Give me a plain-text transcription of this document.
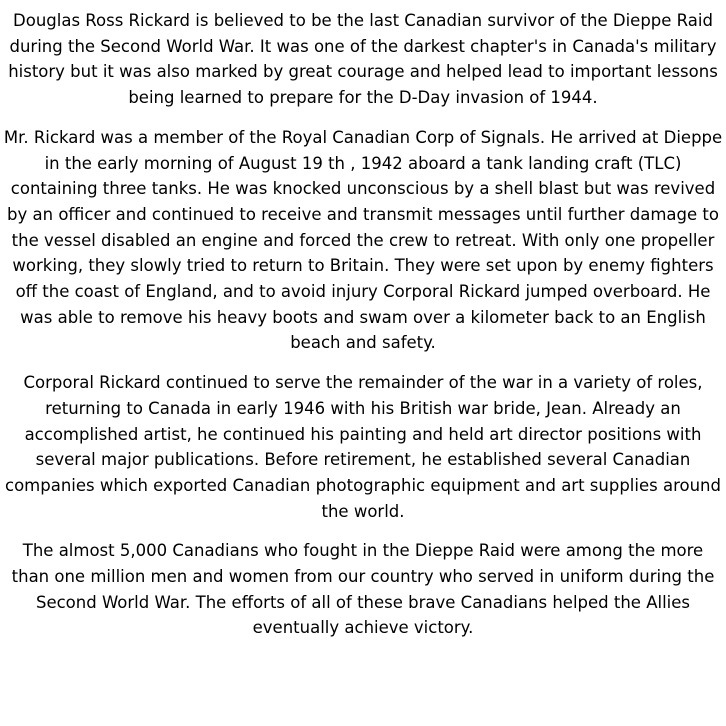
Douglas Ross Rickard is believed to be the last Canadian survivor of the Dieppe Raid during the Second World War. It was one of the darkest chapter's in Canada's military history but it was also marked by great courage and helped lead to important lessons being learned to prepare for the D-Day invasion of 1944.

Mr. Rickard was a member of the Royal Canadian Corp of Signals. He arrived at Dieppe in the early morning of August 19 th , 1942 aboard a tank landing craft (TLC) containing three tanks. He was knocked unconscious by a shell blast but was revived by an officer and continued to receive and transmit messages until further damage to the vessel disabled an engine and forced the crew to retreat. With only one propeller working, they slowly tried to return to Britain. They were set upon by enemy fighters off the coast of England, and to avoid injury Corporal Rickard jumped overboard. He was able to remove his heavy boots and swam over a kilometer back to an English beach and safety.

Corporal Rickard continued to serve the remainder of the war in a variety of roles, returning to Canada in early 1946 with his British war bride, Jean. Already an accomplished artist, he continued his painting and held art director positions with several major publications. Before retirement, he established several Canadian companies which exported Canadian photographic equipment and art supplies around the world.

The almost 5,000 Canadians who fought in the Dieppe Raid were among the more than one million men and women from our country who served in uniform during the Second World War. The efforts of all of these brave Canadians helped the Allies eventually achieve victory.
